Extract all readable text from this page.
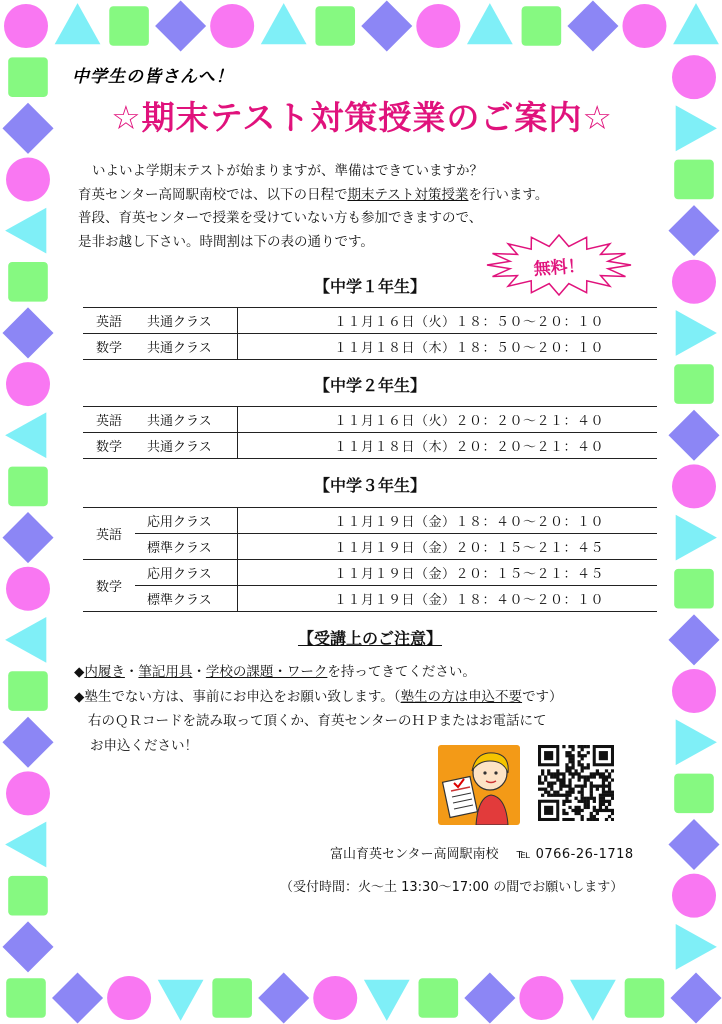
中学生の皆さんへ！
☆期末テスト対策授業のご案内☆

いよいよ学期末テストが始まりますが、準備はできていますか？

育英センター高岡駅南校では、以下の日程で期末テスト対策授業を行います。

普段、育英センターで授業を受けていない方も参加できますので、

是非お越し下さい。時間割は下の表の通りです。

無料！
【中学１年生】
英語	共通クラス	１１月１６日（火）１８：５０〜２０：１０
数学	共通クラス	１１月１８日（木）１８：５０〜２０：１０
【中学２年生】
英語	共通クラス	１１月１６日（火）２０：２０〜２１：４０
数学	共通クラス	１１月１８日（木）２０：２０〜２１：４０
【中学３年生】
英語	応用クラス	１１月１９日（金）１８：４０〜２０：１０
	標準クラス	１１月１９日（金）２０：１５〜２１：４５
数学	応用クラス	１１月１９日（金）２０：１５〜２１：４５
	標準クラス	１１月１９日（金）１８：４０〜２０：１０
【受講上のご注意】

◆内履き・筆記用具・学校の課題・ワークを持ってきてください。

◆塾生でない方は、事前にお申込をお願い致します。（塾生の方は申込不要です）

右のＱＲコードを読み取って頂くか、育英センターのＨＰまたはお電話にて

お申込ください！

富山育英センター高岡駅南校 ℡ 0766-26-1718
（受付時間：火〜土 13:30〜17:00 の間でお願いします）
